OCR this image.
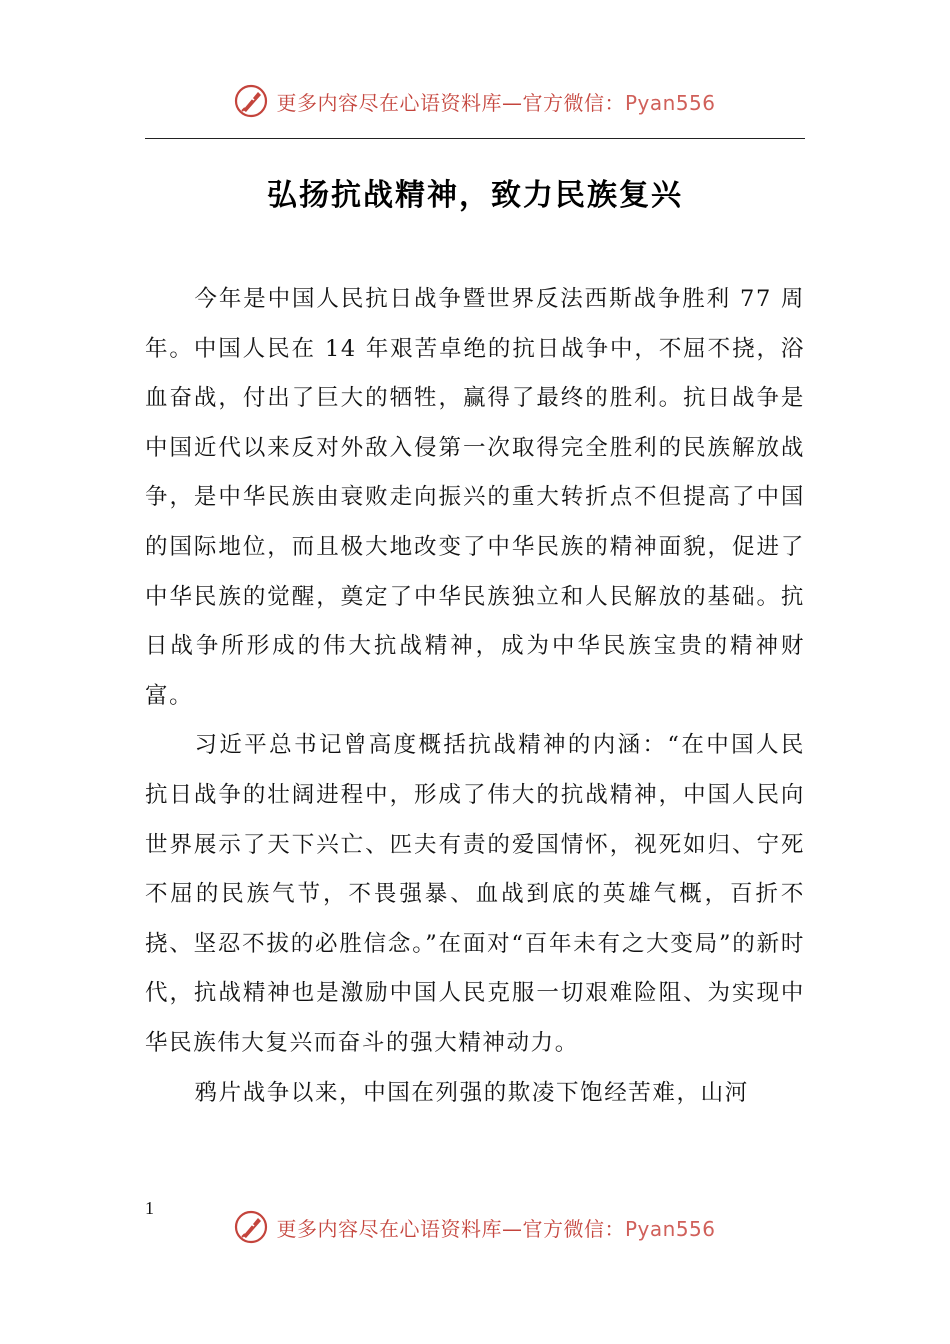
更多内容尽在心语资料库—官方微信：Pyan556
弘扬抗战精神，致力民族复兴

今年是中国人民抗日战争暨世界反法西斯战争胜利 77 周年。中国人民在 14 年艰苦卓绝的抗日战争中，不屈不挠，浴血奋战，付出了巨大的牺牲，赢得了最终的胜利。抗日战争是中国近代以来反对外敌入侵第一次取得完全胜利的民族解放战争，是中华民族由衰败走向振兴的重大转折点不但提高了中国的国际地位，而且极大地改变了中华民族的精神面貌，促进了中华民族的觉醒，奠定了中华民族独立和人民解放的基础。抗日战争所形成的伟大抗战精神，成为中华民族宝贵的精神财富。

习近平总书记曾高度概括抗战精神的内涵：“在中国人民抗日战争的壮阔进程中，形成了伟大的抗战精神，中国人民向世界展示了天下兴亡、匹夫有责的爱国情怀，视死如归、宁死不屈的民族气节，不畏强暴、血战到底的英雄气概，百折不挠、坚忍不拔的必胜信念。”在面对“百年未有之大变局”的新时代，抗战精神也是激励中国人民克服一切艰难险阻、为实现中华民族伟大复兴而奋斗的强大精神动力。

鸦片战争以来，中国在列强的欺凌下饱经苦难，山河

1
更多内容尽在心语资料库—官方微信：Pyan556
